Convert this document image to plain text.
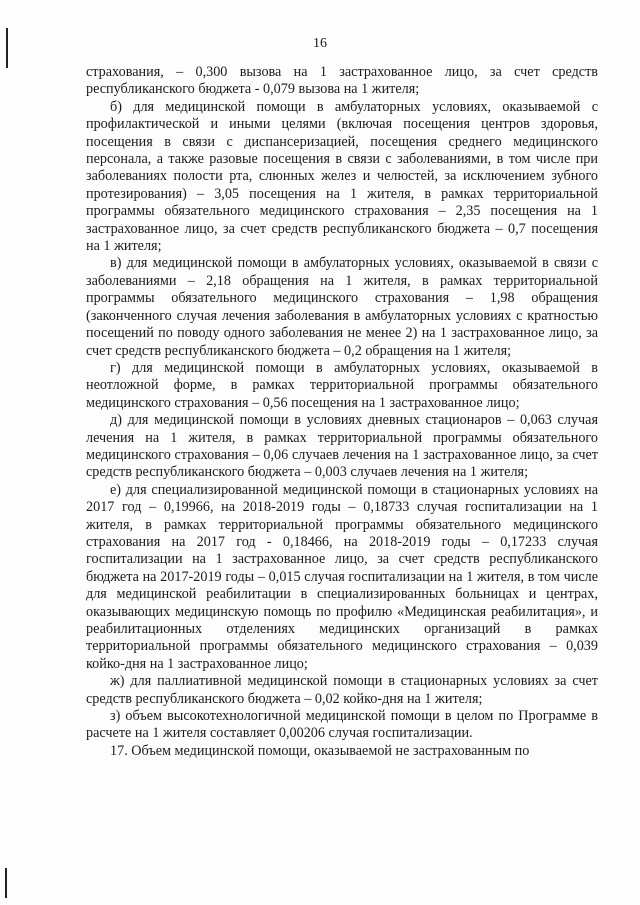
16

страхования, – 0,300 вызова на 1 застрахованное лицо, за счет средств республиканского бюджета - 0,079 вызова на 1 жителя;

б) для медицинской помощи в амбулаторных условиях, оказываемой с профилактической и иными целями (включая посещения центров здоровья, посещения в связи с диспансеризацией, посещения среднего медицинского персонала, а также разовые посещения в связи с заболеваниями, в том числе при заболеваниях полости рта, слюнных желез и челюстей, за исключением зубного протезирования) – 3,05 посещения на 1 жителя, в рамках территориальной программы обязательного медицинского страхования – 2,35 посещения на 1 застрахованное лицо, за счет средств республиканского бюджета – 0,7 посещения на 1 жителя;

в) для медицинской помощи в амбулаторных условиях, оказываемой в связи с заболеваниями – 2,18 обращения на 1 жителя, в рамках территориальной программы обязательного медицинского страхования – 1,98 обращения (законченного случая лечения заболевания в амбулаторных условиях с кратностью посещений по поводу одного заболевания не менее 2) на 1 застрахованное лицо, за счет средств республиканского бюджета – 0,2 обращения на 1 жителя;

г) для медицинской помощи в амбулаторных условиях, оказываемой в неотложной форме, в рамках территориальной программы обязательного медицинского страхования – 0,56 посещения на 1 застрахованное лицо;

д) для медицинской помощи в условиях дневных стационаров – 0,063 случая лечения на 1 жителя, в рамках территориальной программы обязательного медицинского страхования – 0,06 случаев лечения на 1 застрахованное лицо, за счет средств республиканского бюджета – 0,003 случаев лечения на 1 жителя;

е) для специализированной медицинской помощи в стационарных условиях на 2017 год – 0,19966, на 2018-2019 годы – 0,18733 случая госпитализации на 1 жителя, в рамках территориальной программы обязательного медицинского страхования на 2017 год - 0,18466, на 2018-2019 годы – 0,17233 случая госпитализации на 1 застрахованное лицо, за счет средств республиканского бюджета на 2017-2019 годы – 0,015 случая госпитализации на 1 жителя, в том числе для медицинской реабилитации в специализированных больницах и центрах, оказывающих медицинскую помощь по профилю «Медицинская реабилитация», и реабилитационных отделениях медицинских организаций в рамках территориальной программы обязательного медицинского страхования – 0,039 койко-дня на 1 застрахованное лицо;

ж) для паллиативной медицинской помощи в стационарных условиях за счет средств республиканского бюджета – 0,02 койко-дня на 1 жителя;

з) объем высокотехнологичной медицинской помощи в целом по Программе в расчете на 1 жителя составляет 0,00206 случая госпитализации.

17. Объем медицинской помощи, оказываемой не застрахованным по
